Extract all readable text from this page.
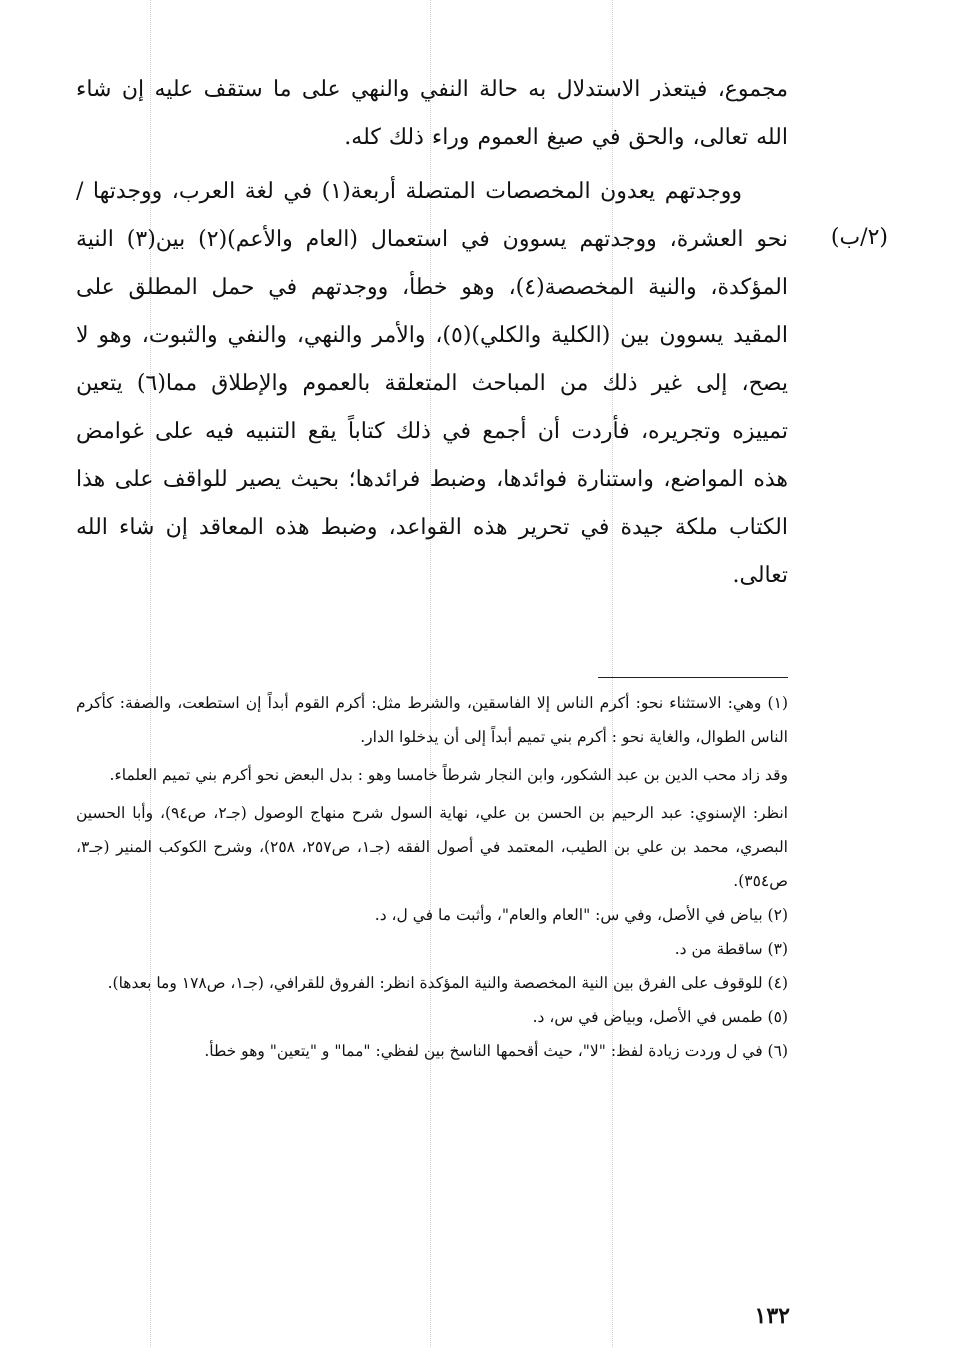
(٢/ب)

مجموع، فيتعذر الاستدلال به حالة النفي والنهي على ما ستقف عليه إن شاء الله تعالى، والحق في صيغ العموم وراء ذلك كله.

ووجدتهم يعدون المخصصات المتصلة أربعة(١) في لغة العرب، ووجدتها /نحو العشرة، ووجدتهم يسوون في استعمال (العام والأعم)(٢) بين(٣) النية المؤكدة، والنية المخصصة(٤)، وهو خطأ، ووجدتهم في حمل المطلق على المقيد يسوون بين (الكلية والكلي)(٥)، والأمر والنهي، والنفي والثبوت، وهو لا يصح، إلى غير ذلك من المباحث المتعلقة بالعموم والإطلاق مما(٦) يتعين تمييزه وتجريره، فأردت أن أجمع في ذلك كتاباً يقع التنبيه فيه على غوامض هذه المواضع، واستنارة فوائدها، وضبط فرائدها؛ بحيث يصير للواقف على هذا الكتاب ملكة جيدة في تحرير هذه القواعد، وضبط هذه المعاقد إن شاء الله تعالى.

(١) وهي: الاستثناء نحو: أكرم الناس إلا الفاسقين، والشرط مثل: أكرم القوم أبداً إن استطعت، والصفة: كأكرم الناس الطوال، والغاية نحو : أكرم بني تميم أبداً إلى أن يدخلوا الدار.

وقد زاد محب الدين بن عبد الشكور، وابن النجار شرطاً خامسا وهو : بدل البعض نحو أكرم بني تميم العلماء.

انظر: الإسنوي: عبد الرحيم بن الحسن بن علي، نهاية السول شرح منهاج الوصول (جـ٢، ص٩٤)، وأبا الحسين البصري، محمد بن علي بن الطيب، المعتمد في أصول الفقه (جـ١، ص٢٥٧، ٢٥٨)، وشرح الكوكب المنير (جـ٣، ص٣٥٤).

(٢) بياض في الأصل، وفي س: "العام والعام"، وأثبت ما في ل، د.

(٣) ساقطة من د.

(٤) للوقوف على الفرق بين النية المخصصة والنية المؤكدة انظر: الفروق للقرافي، (جـ١، ص١٧٨ وما بعدها).

(٥) طمس في الأصل، وبياض في س، د.

(٦) في ل وردت زيادة لفظ: "لا"، حيث أقحمها الناسخ بين لفظي: "مما" و "يتعين" وهو خطأ.

١٣٢
